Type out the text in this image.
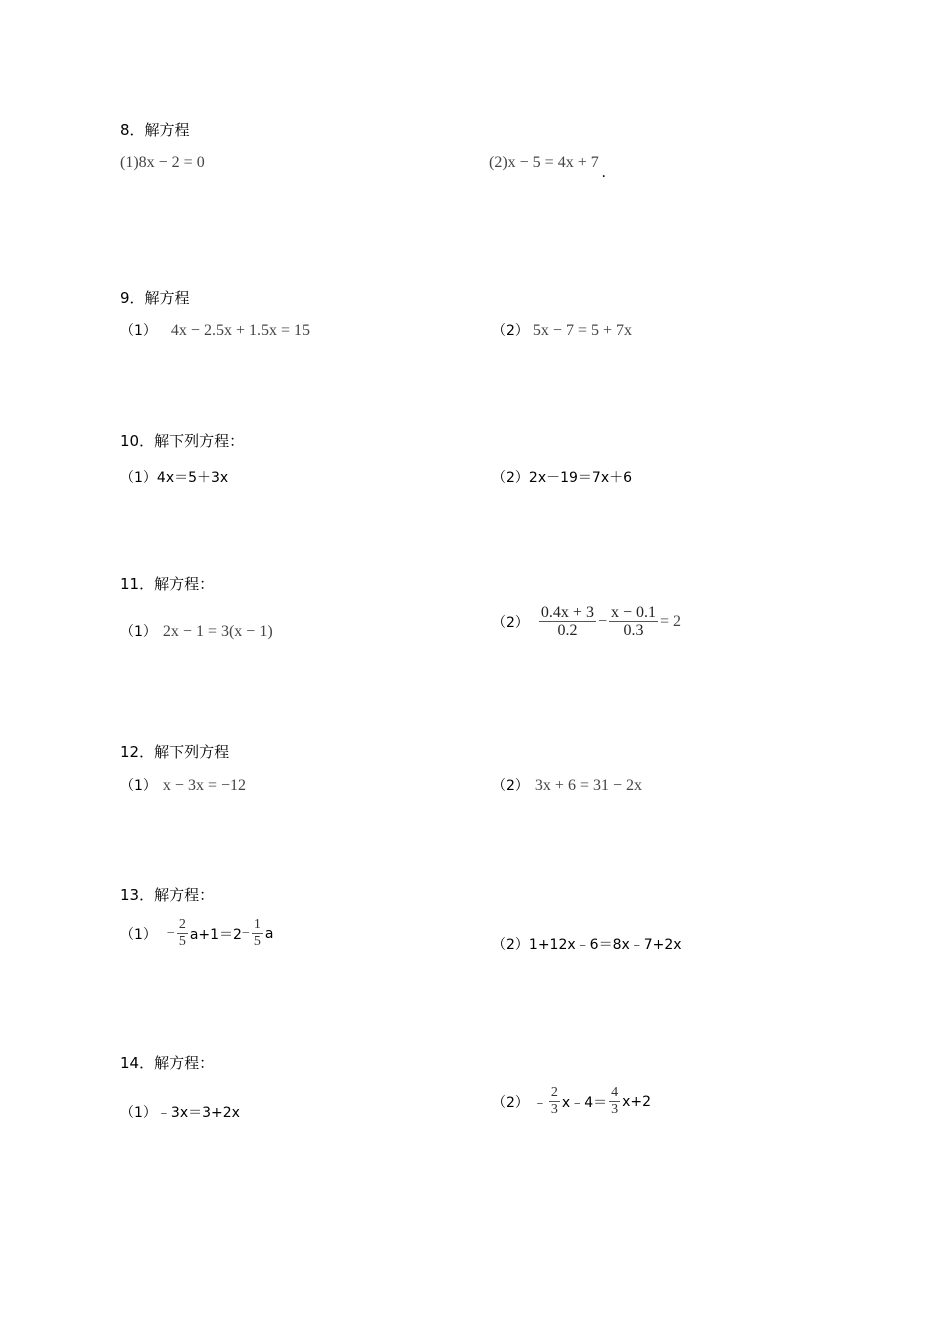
8．解方程
(1)8x − 2 = 0	(2)x − 5 = 4x + 7.
9．解方程
（1） 4x − 2.5x + 1.5x = 15	（2） 5x − 7 = 5 + 7x
10．解下列方程：
（1）4x＝5＋3x	（2）2x－19＝7x＋6
11．解方程：
（1） 2x − 1 = 3(x − 1)
$(2) \frac{0.4x + 3}{0.2} - \frac{x - 0.1}{0.3} = 2$
12．解下列方程
（1） x − 3x = −12	（2） 3x + 6 = 31 − 2x
13．解方程：
$(1) - \frac{2}{5} a+1=2 - \frac{1}{5}$ a
（2）1+12x﹣6＝8x﹣7+2x
14．解方程：
（1）﹣3x＝3+2x
（2） ﹣ $\frac{2}{3}$ x﹣4＝ $\frac{4}{3} x+2$
